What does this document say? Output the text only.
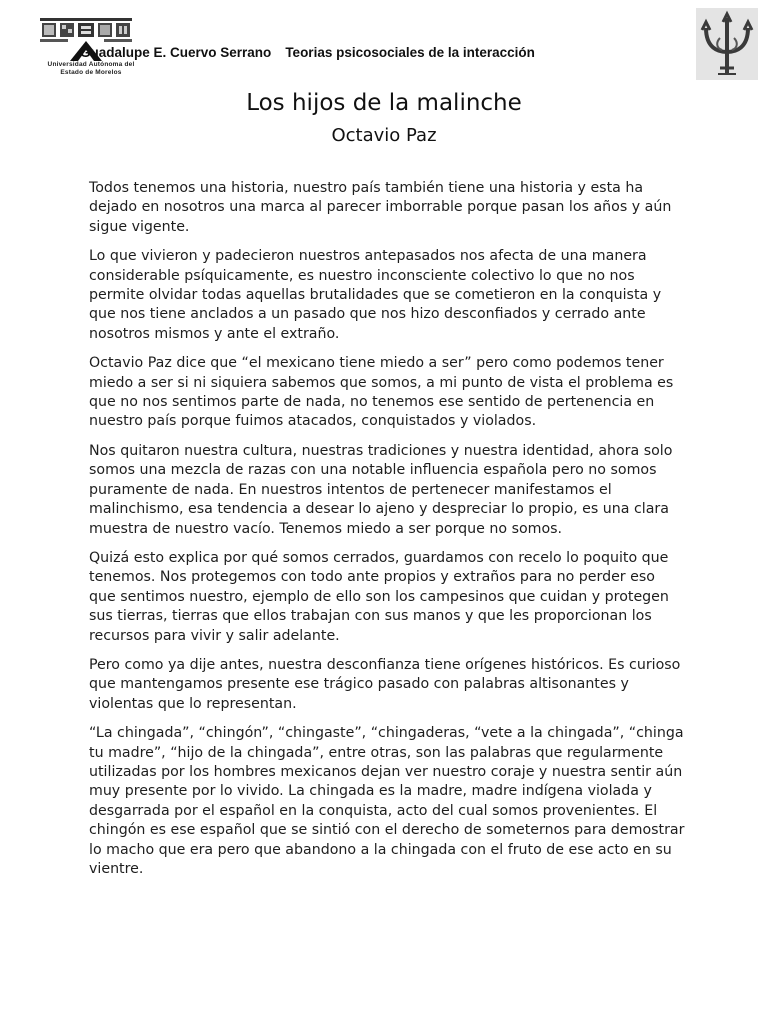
Universidad Autónoma del
Estado de Morelos
Guadalupe E. Cuervo Serrano Teorias psicosociales de la interacción
Los hijos de la malinche
Octavio Paz

Todos tenemos una historia, nuestro país también tiene una historia y esta ha dejado en nosotros una marca al parecer imborrable porque pasan los años y aún sigue vigente.

Lo que vivieron y padecieron nuestros antepasados nos afecta de una manera considerable psíquicamente, es nuestro inconsciente colectivo lo que no nos permite olvidar todas aquellas brutalidades que se cometieron en la conquista y que nos tiene anclados a un pasado que nos hizo desconfiados y cerrado ante nosotros mismos y ante el extraño.

Octavio Paz dice que “el mexicano tiene miedo a ser” pero como podemos tener miedo a ser si ni siquiera sabemos que somos, a mi punto de vista el problema es que no nos sentimos parte de nada, no tenemos ese sentido de pertenencia en nuestro país porque fuimos atacados, conquistados y violados.

Nos quitaron nuestra cultura, nuestras tradiciones y nuestra identidad, ahora solo somos una mezcla de razas con una notable influencia española pero no somos puramente de nada. En nuestros intentos de pertenecer manifestamos el malinchismo, esa tendencia a desear lo ajeno y despreciar lo propio, es una clara muestra de nuestro vacío. Tenemos miedo a ser porque no somos.

Quizá esto explica por qué somos cerrados, guardamos con recelo lo poquito que tenemos. Nos protegemos con todo ante propios y extraños para no perder eso que sentimos nuestro, ejemplo de ello son los campesinos que cuidan y protegen sus tierras, tierras que ellos trabajan con sus manos y que les proporcionan los recursos para vivir y salir adelante.

Pero como ya dije antes, nuestra desconfianza tiene orígenes históricos. Es curioso que mantengamos presente ese trágico pasado con palabras altisonantes y violentas que lo representan.

“La chingada”, “chingón”, “chingaste”, “chingaderas, “vete a la chingada”, “chinga tu madre”, “hijo de la chingada”, entre otras, son las palabras que regularmente utilizadas por los hombres mexicanos dejan ver nuestro coraje y nuestra sentir aún muy presente por lo vivido. La chingada es la madre, madre indígena violada y desgarrada por el español en la conquista, acto del cual somos provenientes. El chingón es ese español que se sintió con el derecho de someternos para demostrar lo macho que era pero que abandono a la chingada con el fruto de ese acto en su vientre.
